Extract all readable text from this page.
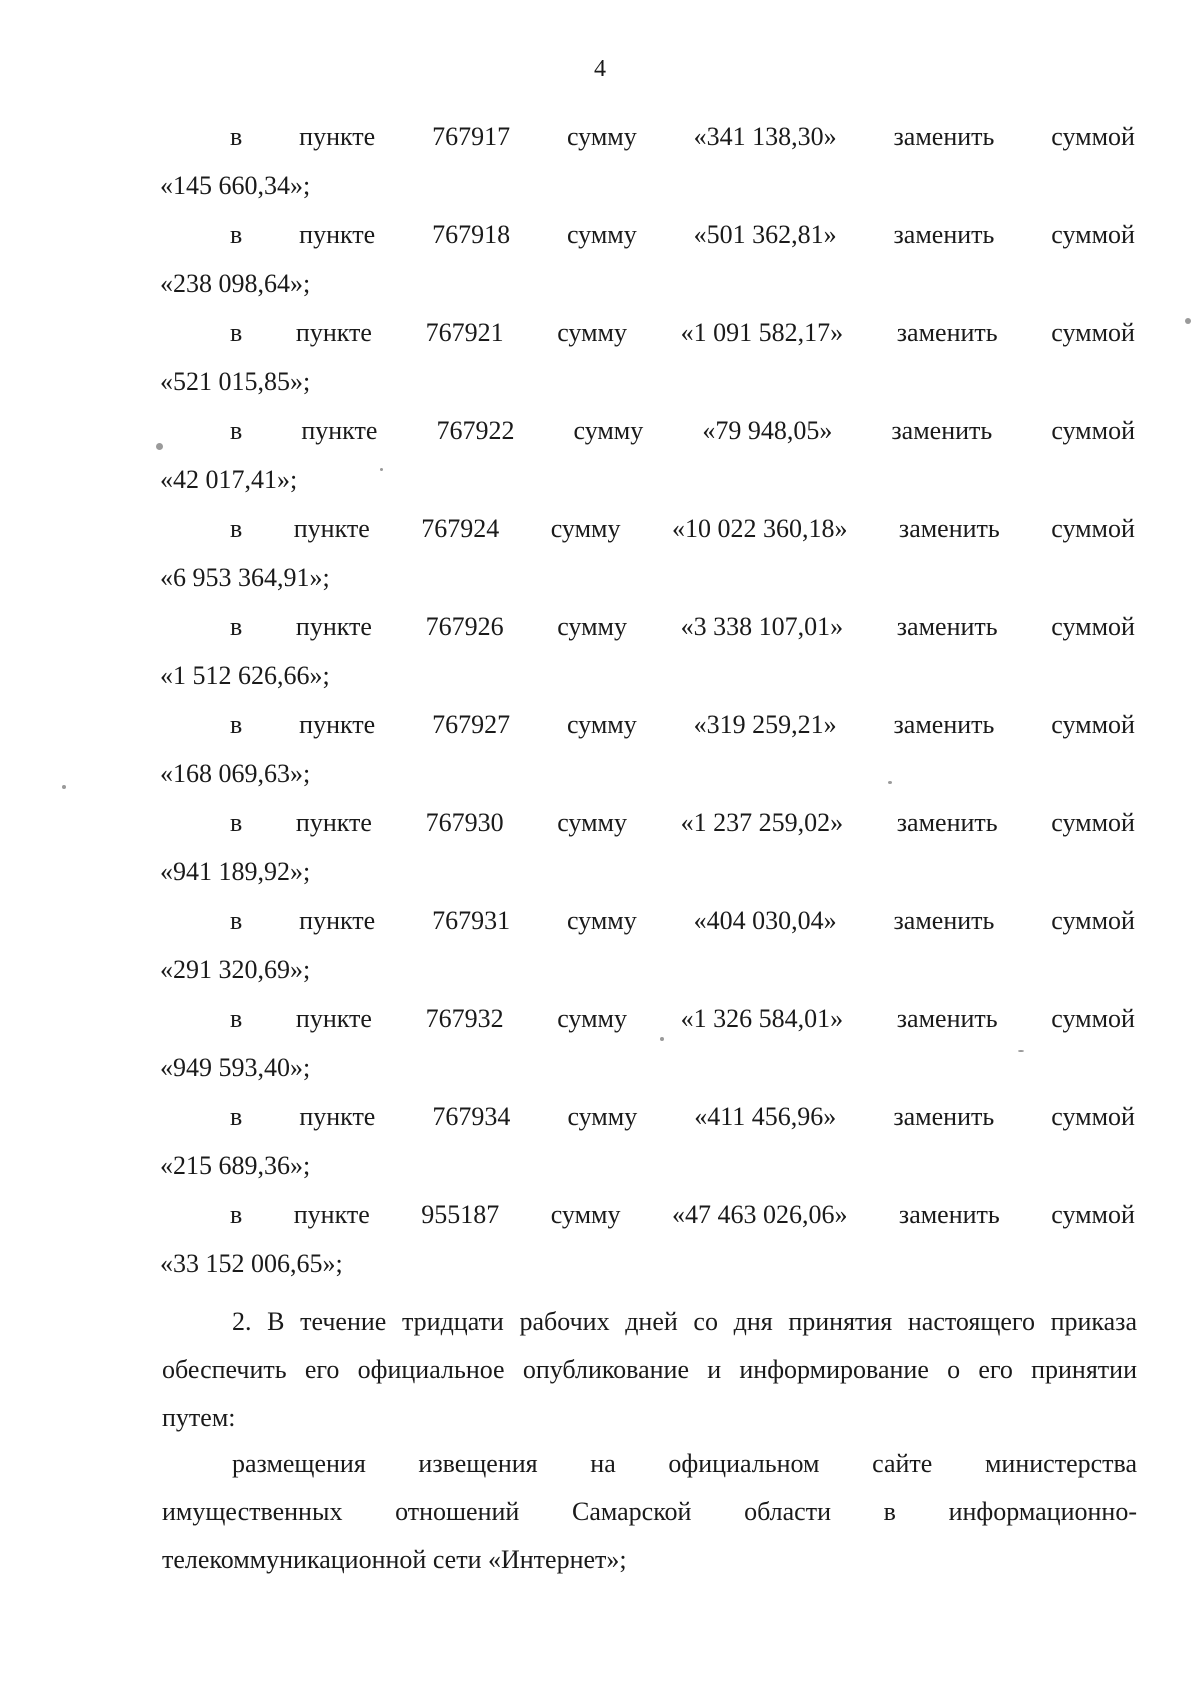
4
в пункте 767917 сумму «341 138,30» заменить суммой
«145 660,34»;
в пункте 767918 сумму «501 362,81» заменить суммой
«238 098,64»;
в пункте 767921 сумму «1 091 582,17» заменить суммой
«521 015,85»;
в пункте 767922 сумму «79 948,05» заменить суммой
«42 017,41»;
в пункте 767924 сумму «10 022 360,18» заменить суммой
«6 953 364,91»;
в пункте 767926 сумму «3 338 107,01» заменить суммой
«1 512 626,66»;
в пункте 767927 сумму «319 259,21» заменить суммой
«168 069,63»;
в пункте 767930 сумму «1 237 259,02» заменить суммой
«941 189,92»;
в пункте 767931 сумму «404 030,04» заменить суммой
«291 320,69»;
в пункте 767932 сумму «1 326 584,01» заменить суммой
«949 593,40»;
в пункте 767934 сумму «411 456,96» заменить суммой
«215 689,36»;
в пункте 955187 сумму «47 463 026,06» заменить суммой
«33 152 006,65»;
2. В течение тридцати рабочих дней со дня принятия настоящего приказа
обеспечить его официальное опубликование и информирование о его принятии
путем:
размещения извещения на официальном сайте министерства
имущественных отношений Самарской области в информационно-
телекоммуникационной сети «Интернет»;
